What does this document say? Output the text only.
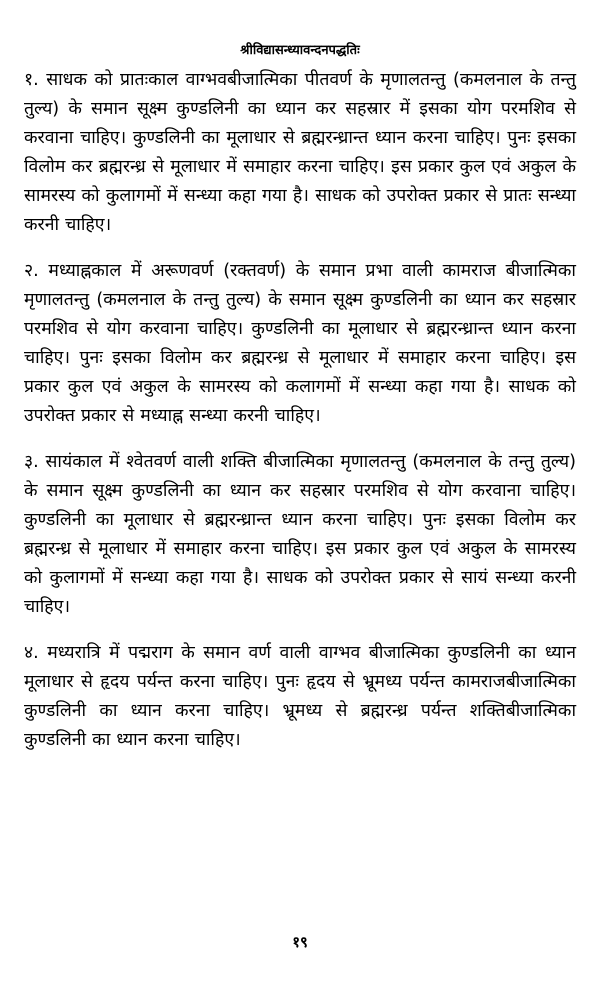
श्रीविद्यासन्ध्यावन्दनपद्धतिः

१. साधक को प्रातःकाल वाग्भवबीजात्मिका पीतवर्ण के मृणालतन्तु (कमलनाल के तन्तु तुल्य) के समान सूक्ष्म कुण्डलिनी का ध्यान कर सहस्रार में इसका योग परमशिव से करवाना चाहिए। कुण्डलिनी का मूलाधार से ब्रह्मरन्ध्रान्त ध्यान करना चाहिए। पुनः इसका विलोम कर ब्रह्मरन्ध्र से मूलाधार में समाहार करना चाहिए। इस प्रकार कुल एवं अकुल के सामरस्य को कुलागमों में सन्ध्या कहा गया है। साधक को उपरोक्त प्रकार से प्रातः सन्ध्या करनी चाहिए।

२. मध्याह्नकाल में अरूणवर्ण (रक्तवर्ण) के समान प्रभा वाली कामराज बीजात्मिका मृणालतन्तु (कमलनाल के तन्तु तुल्य) के समान सूक्ष्म कुण्डलिनी का ध्यान कर सहस्रार परमशिव से योग करवाना चाहिए। कुण्डलिनी का मूलाधार से ब्रह्मरन्ध्रान्त ध्यान करना चाहिए। पुनः इसका विलोम कर ब्रह्मरन्ध्र से मूलाधार में समाहार करना चाहिए। इस प्रकार कुल एवं अकुल के सामरस्य को कलागमों में सन्ध्या कहा गया है। साधक को उपरोक्त प्रकार से मध्याह्न सन्ध्या करनी चाहिए।

३. सायंकाल में श्वेतवर्ण वाली शक्ति बीजात्मिका मृणालतन्तु (कमलनाल के तन्तु तुल्य) के समान सूक्ष्म कुण्डलिनी का ध्यान कर सहस्रार परमशिव से योग करवाना चाहिए। कुण्डलिनी का मूलाधार से ब्रह्मरन्ध्रान्त ध्यान करना चाहिए। पुनः इसका विलोम कर ब्रह्मरन्ध्र से मूलाधार में समाहार करना चाहिए। इस प्रकार कुल एवं अकुल के सामरस्य को कुलागमों में सन्ध्या कहा गया है। साधक को उपरोक्त प्रकार से सायं सन्ध्या करनी चाहिए।

४. मध्यरात्रि में पद्मराग के समान वर्ण वाली वाग्भव बीजात्मिका कुण्डलिनी का ध्यान मूलाधार से हृदय पर्यन्त करना चाहिए। पुनः हृदय से भ्रूमध्य पर्यन्त कामराजबीजात्मिका कुण्डलिनी का ध्यान करना चाहिए। भ्रूमध्य से ब्रह्मरन्ध्र पर्यन्त शक्तिबीजात्मिका कुण्डलिनी का ध्यान करना चाहिए।

१९
